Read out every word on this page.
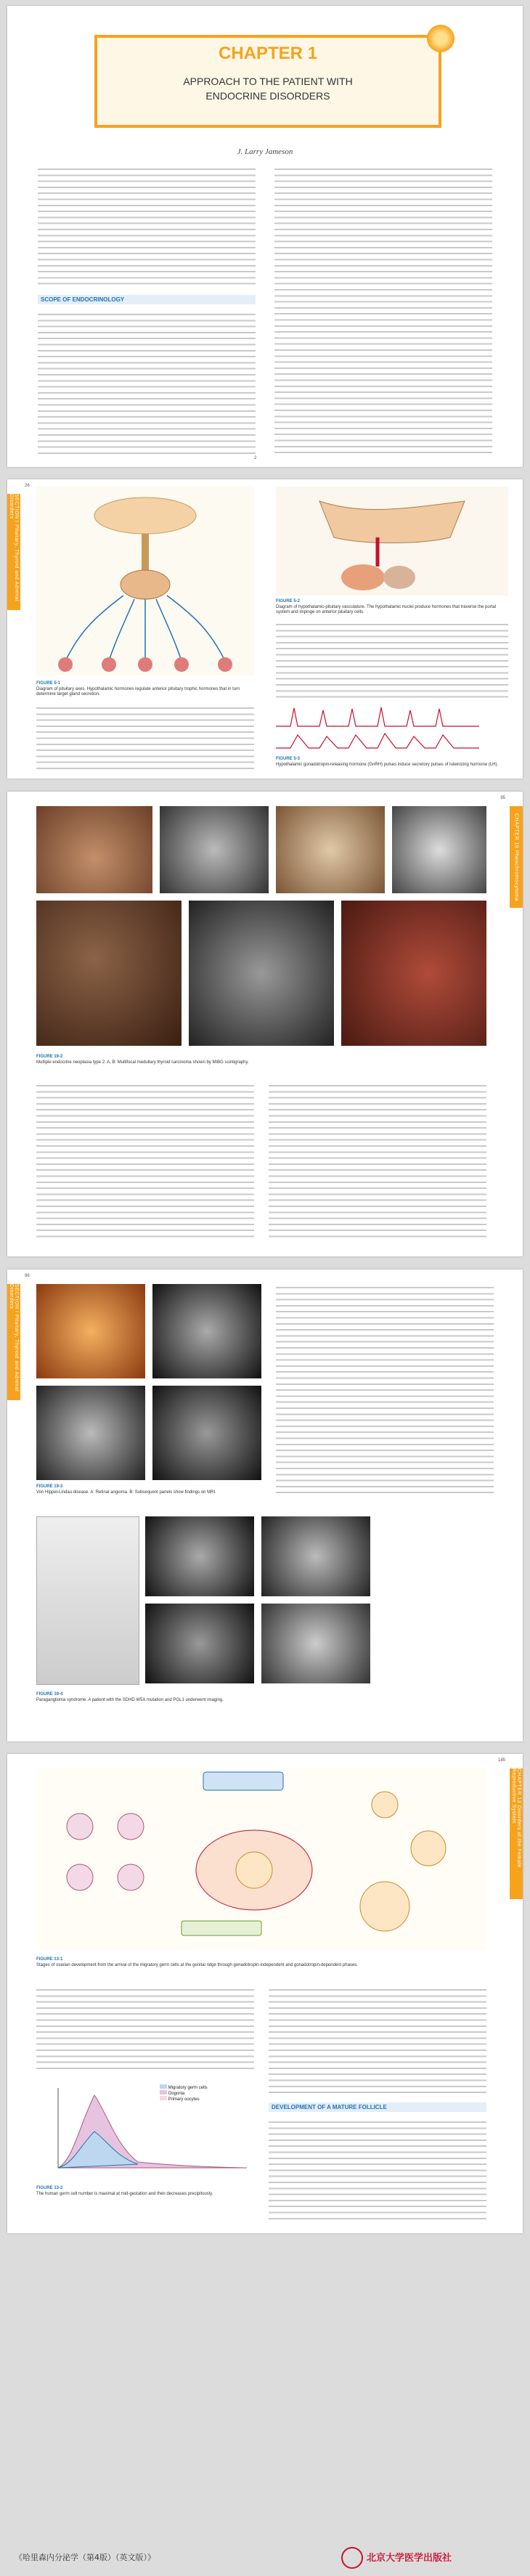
CHAPTER 1
APPROACH TO THE PATIENT WITH
ENDOCRINE DISORDERS
J. Larry Jameson
SCOPE OF ENDOCRINOLOGY
2
SECTION I Pituitary, Thyroid and Adrenal Disorders
26
FIGURE 5-1
Diagram of pituitary axes. Hypothalamic hormones regulate anterior pituitary trophic hormones that in turn determine target gland secretion.
FIGURE 5-2
Diagram of hypothalamic-pituitary vasculature. The hypothalamic nuclei produce hormones that traverse the portal system and impinge on anterior pituitary cells.
FIGURE 5-3
Hypothalamic gonadotropin-releasing hormone (GnRH) pulses induce secretory pulses of luteinizing hormone (LH).
CHAPTER 19 Pheochromocytoma
95
FIGURE 19-2
Multiple endocrine neoplasia type 2. A, B: Multifocal medullary thyroid carcinoma shown by MIBG scintigraphy.
SECTION I Pituitary, Thyroid and Adrenal Disorders
96
FIGURE 19-3
Von Hippel-Lindau disease. A: Retinal angioma. B: Subsequent panels show findings on MRI.
FIGURE 19-4
Paraganglioma syndrome. A patient with the SDHD W5X mutation and PGL1 underwent imaging.
CHAPTER 13 Disorders of the Female Reproductive System
185
FIGURE 13-1
Stages of ovarian development from the arrival of the migratory germ cells at the genital ridge through gonadotropin-independent and gonadotropin-dependent phases.
Migratory germ cells
Oogonia
Primary oocytes
FIGURE 13-2
The human germ cell number is maximal at mid-gestation and then decreases precipitously.
DEVELOPMENT OF A MATURE FOLLICLE
《哈里森内分泌学（第4版）（英文版）》	北京大学医学出版社
